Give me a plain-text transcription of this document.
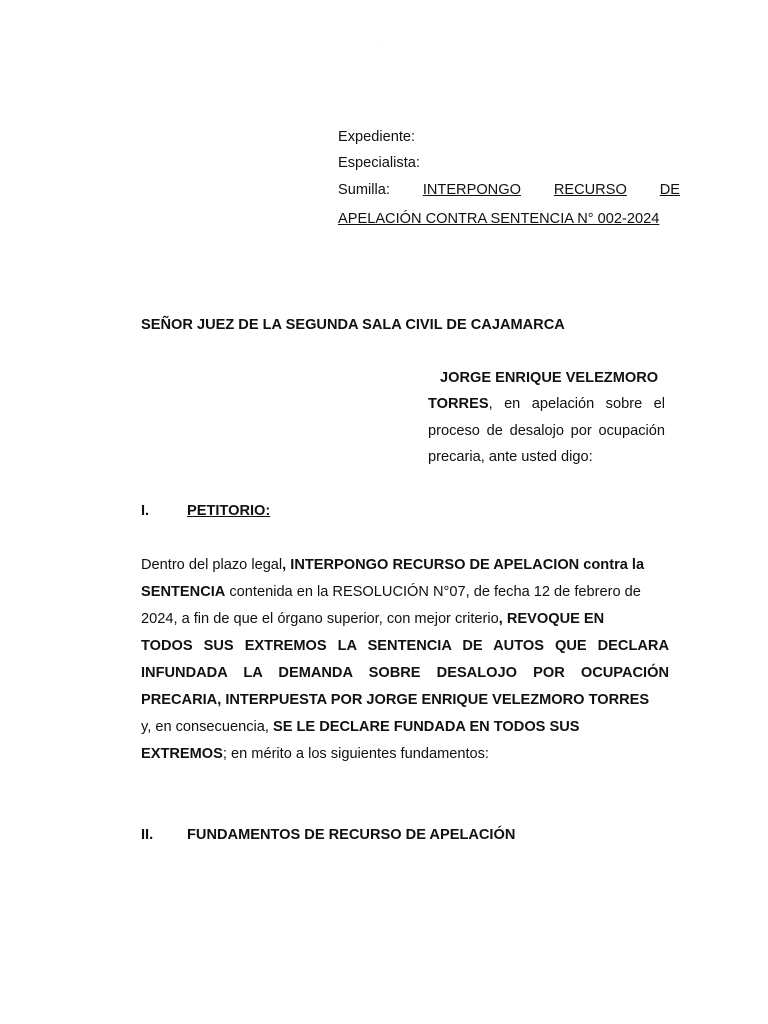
........
Expediente:
Especialista:
Sumilla: INTERPONGO RECURSO DE
APELACIÓN CONTRA SENTENCIA N° 002-2024
SEÑOR JUEZ DE LA SEGUNDA SALA CIVIL DE CAJAMARCA
JORGE ENRIQUE VELEZMORO
TORRES, en apelación sobre el
proceso de desalojo por ocupación
precaria, ante usted digo:
I.	PETITORIO:
Dentro del plazo legal, INTERPONGO RECURSO DE APELACION contra la
SENTENCIA contenida en la RESOLUCIÓN N°07, de fecha 12 de febrero de
2024, a fin de que el órgano superior, con mejor criterio, REVOQUE EN
TODOS SUS EXTREMOS LA SENTENCIA DE AUTOS QUE DECLARA
INFUNDADA LA DEMANDA SOBRE DESALOJO POR OCUPACIÓN
PRECARIA, INTERPUESTA POR JORGE ENRIQUE VELEZMORO TORRES
y, en consecuencia, SE LE DECLARE FUNDADA EN TODOS SUS
EXTREMOS; en mérito a los siguientes fundamentos:
II. FUNDAMENTOS DE RECURSO DE APELACIÓN
